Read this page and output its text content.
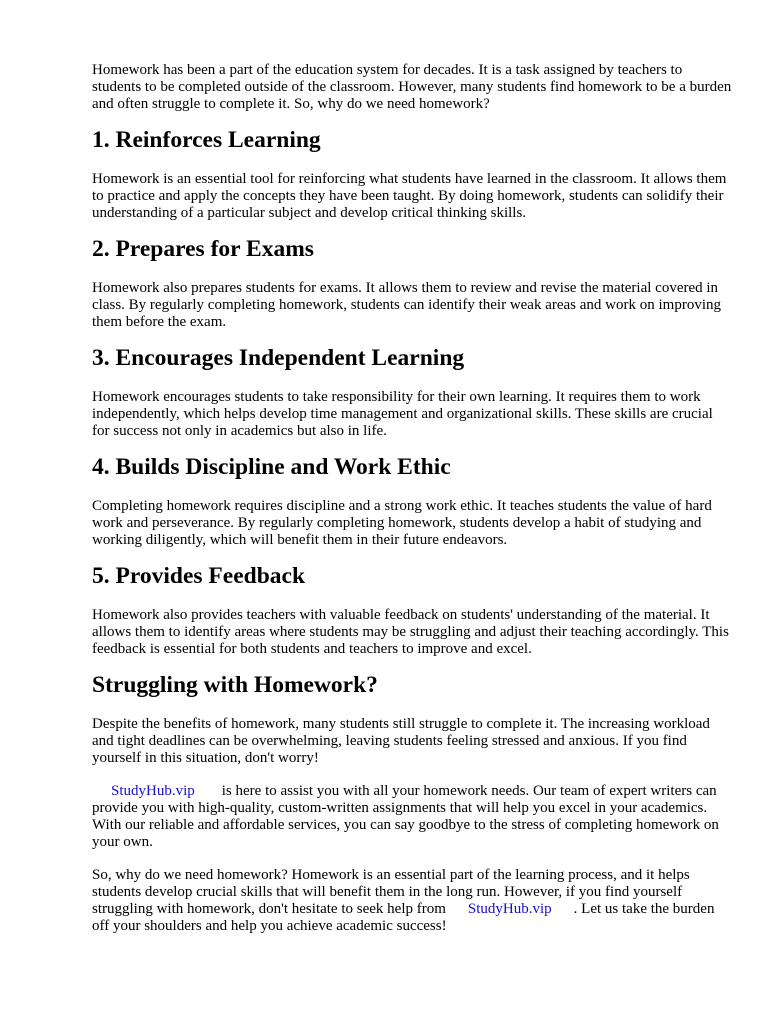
Homework has been a part of the education system for decades. It is a task assigned by teachers to students to be completed outside of the classroom. However, many students find homework to be a burden and often struggle to complete it. So, why do we need homework?

1. Reinforces Learning

Homework is an essential tool for reinforcing what students have learned in the classroom. It allows them to practice and apply the concepts they have been taught. By doing homework, students can solidify their understanding of a particular subject and develop critical thinking skills.

2. Prepares for Exams

Homework also prepares students for exams. It allows them to review and revise the material covered in class. By regularly completing homework, students can identify their weak areas and work on improving them before the exam.

3. Encourages Independent Learning

Homework encourages students to take responsibility for their own learning. It requires them to work independently, which helps develop time management and organizational skills. These skills are crucial for success not only in academics but also in life.

4. Builds Discipline and Work Ethic

Completing homework requires discipline and a strong work ethic. It teaches students the value of hard work and perseverance. By regularly completing homework, students develop a habit of studying and working diligently, which will benefit them in their future endeavors.

5. Provides Feedback

Homework also provides teachers with valuable feedback on students' understanding of the material. It allows them to identify areas where students may be struggling and adjust their teaching accordingly. This feedback is essential for both students and teachers to improve and excel.

Struggling with Homework?

Despite the benefits of homework, many students still struggle to complete it. The increasing workload and tight deadlines can be overwhelming, leaving students feeling stressed and anxious. If you find yourself in this situation, don't worry!

StudyHub.vip is here to assist you with all your homework needs. Our team of expert writers can provide you with high-quality, custom-written assignments that will help you excel in your academics. With our reliable and affordable services, you can say goodbye to the stress of completing homework on your own.

So, why do we need homework? Homework is an essential part of the learning process, and it helps students develop crucial skills that will benefit them in the long run. However, if you find yourself struggling with homework, don't hesitate to seek help from StudyHub.vip . Let us take the burden off your shoulders and help you achieve academic success!
